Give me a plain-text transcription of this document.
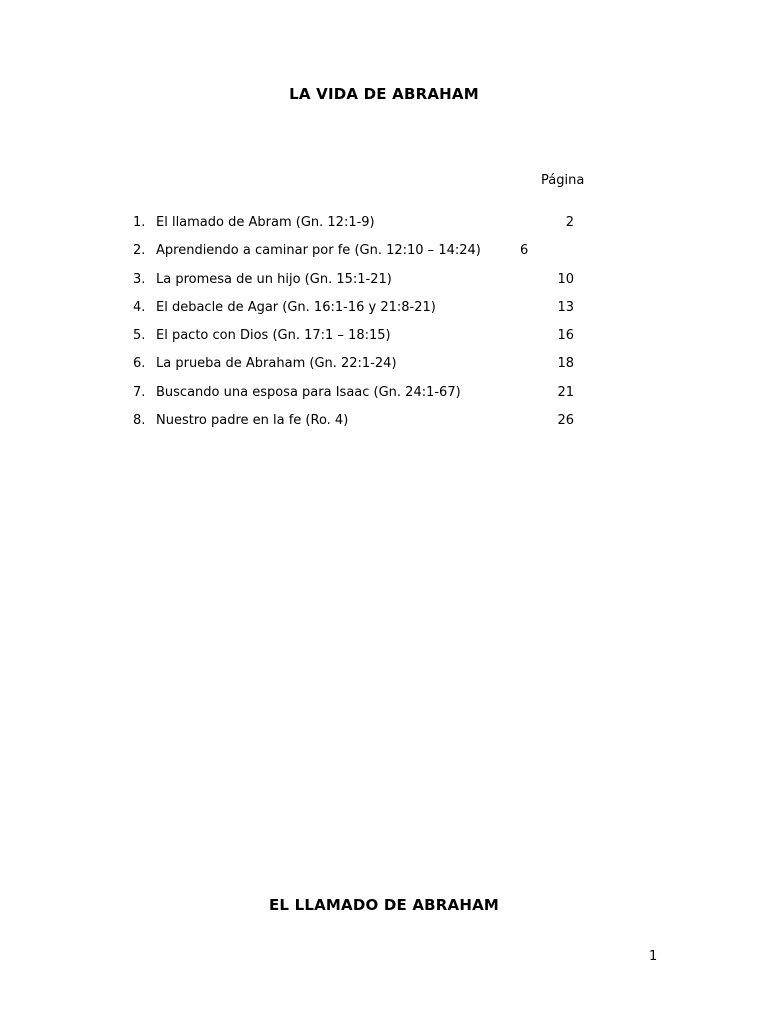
LA VIDA DE ABRAHAM
Página
1. El llamado de Abram (Gn. 12:1-9)	2
2. Aprendiendo a caminar por fe (Gn. 12:10 – 14:24)	6
3. La promesa de un hijo (Gn. 15:1-21)	10
4. El debacle de Agar (Gn. 16:1-16 y 21:8-21)	13
5. El pacto con Dios (Gn. 17:1 – 18:15)	16
6. La prueba de Abraham (Gn. 22:1-24)	18
7. Buscando una esposa para Isaac (Gn. 24:1-67)	21
8. Nuestro padre en la fe (Ro. 4)	26
EL LLAMADO DE ABRAHAM
1
